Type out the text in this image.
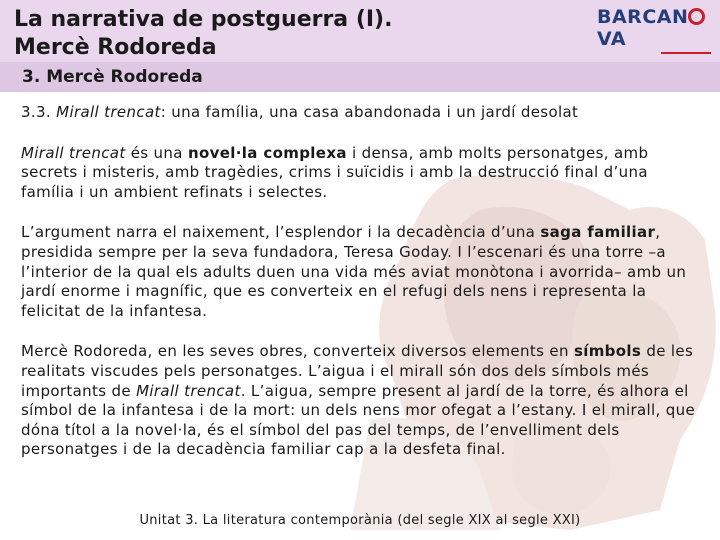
La narrativa de postguerra (I).
Mercè Rodoreda
BARCANVA
3. Mercè Rodoreda

3.3. Mirall trencat: una família, una casa abandonada i un jardí desolat

Mirall trencat és una novel·la complexa i densa, amb molts personatges, amb secrets i misteris, amb tragèdies, crims i suïcidis i amb la destrucció final d’una família i un ambient refinats i selectes.

L’argument narra el naixement, l’esplendor i la decadència d’una saga familiar, presidida sempre per la seva fundadora, Teresa Goday. I l’escenari és una torre –a l’interior de la qual els adults duen una vida més aviat monòtona i avorrida– amb un jardí enorme i magnífic, que es converteix en el refugi dels nens i representa la felicitat de la infantesa.

Mercè Rodoreda, en les seves obres, converteix diversos elements en símbols de les realitats viscudes pels personatges. L’aigua i el mirall són dos dels símbols més importants de Mirall trencat. L’aigua, sempre present al jardí de la torre, és alhora el símbol de la infantesa i de la mort: un dels nens mor ofegat a l’estany. I el mirall, que dóna títol a la novel·la, és el símbol del pas del temps, de l’envelliment dels personatges i de la decadència familiar cap a la desfeta final.

Unitat 3. La literatura contemporània (del segle XIX al segle XXI)
